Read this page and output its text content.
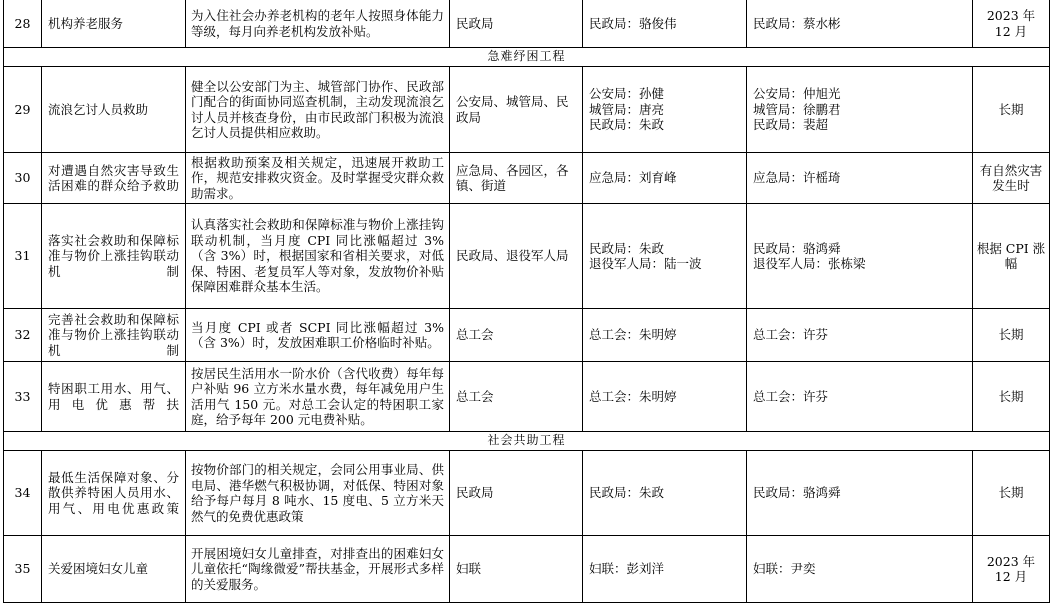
28	机构养老服务	为入住社会办养老机构的老年人按照身体能力等级，每月向养老机构发放补贴。	民政局	民政局：骆俊伟	民政局：蔡水彬	2023 年
12 月
急难纾困工程						
29	流浪乞讨人员救助	健全以公安部门为主、城管部门协作、民政部门配合的街面协同巡查机制，主动发现流浪乞讨人员并核查身份，由市民政部门积极为流浪乞讨人员提供相应救助。	公安局、城管局、民政局	公安局：孙健
城管局：唐亮
民政局：朱政	公安局：仲旭光
城管局：徐鹏君
民政局：裴超	长期
30	对遭遇自然灾害导致生活困难的群众给予救助	根据救助预案及相关规定，迅速展开救助工作，规范安排救灾资金。及时掌握受灾群众救助需求。	应急局、各园区，各镇、街道	应急局：刘育峰	应急局：许榣琦	有自然灾害发生时
31	落实社会救助和保障标准与物价上涨挂钩联动机制	认真落实社会救助和保障标准与物价上涨挂钩联动机制，当月度 CPI 同比涨幅超过 3%（含 3%）时，根据国家和省相关要求，对低保、特困、老复员军人等对象，发放物价补贴保障困难群众基本生活。	民政局、退役军人局	民政局：朱政
退役军人局：陆一波	民政局：骆鸿舜
退役军人局：张栋梁	根据 CPI 涨幅
32	完善社会救助和保障标准与物价上涨挂钩联动机制	当月度 CPI 或者 SCPI 同比涨幅超过 3%（含 3%）时，发放困难职工价格临时补贴。	总工会	总工会：朱明婷	总工会：许芬	长期
33	特困职工用水、用气、用电优惠帮扶	按居民生活用水一阶水价（含代收费）每年每户补贴 96 立方米水量水费，每年减免用户生活用气 150 元。对总工会认定的特困职工家庭，给予每年 200 元电费补贴。	总工会	总工会：朱明婷	总工会：许芬	长期
社会共助工程						
34	最低生活保障对象、分散供养特困人员用水、用气、用电优惠政策	按物价部门的相关规定，会同公用事业局、供电局、港华燃气积极协调，对低保、特困对象给予每户每月 8 吨水、15 度电、5 立方米天然气的免费优惠政策	民政局	民政局：朱政	民政局：骆鸿舜	长期
35	关爱困境妇女儿童	开展困境妇女儿童排查，对排查出的困难妇女儿童依托“陶缘微爱”帮扶基金，开展形式多样的关爱服务。	妇联	妇联：彭刘洋	妇联：尹奕	2023 年
12 月
